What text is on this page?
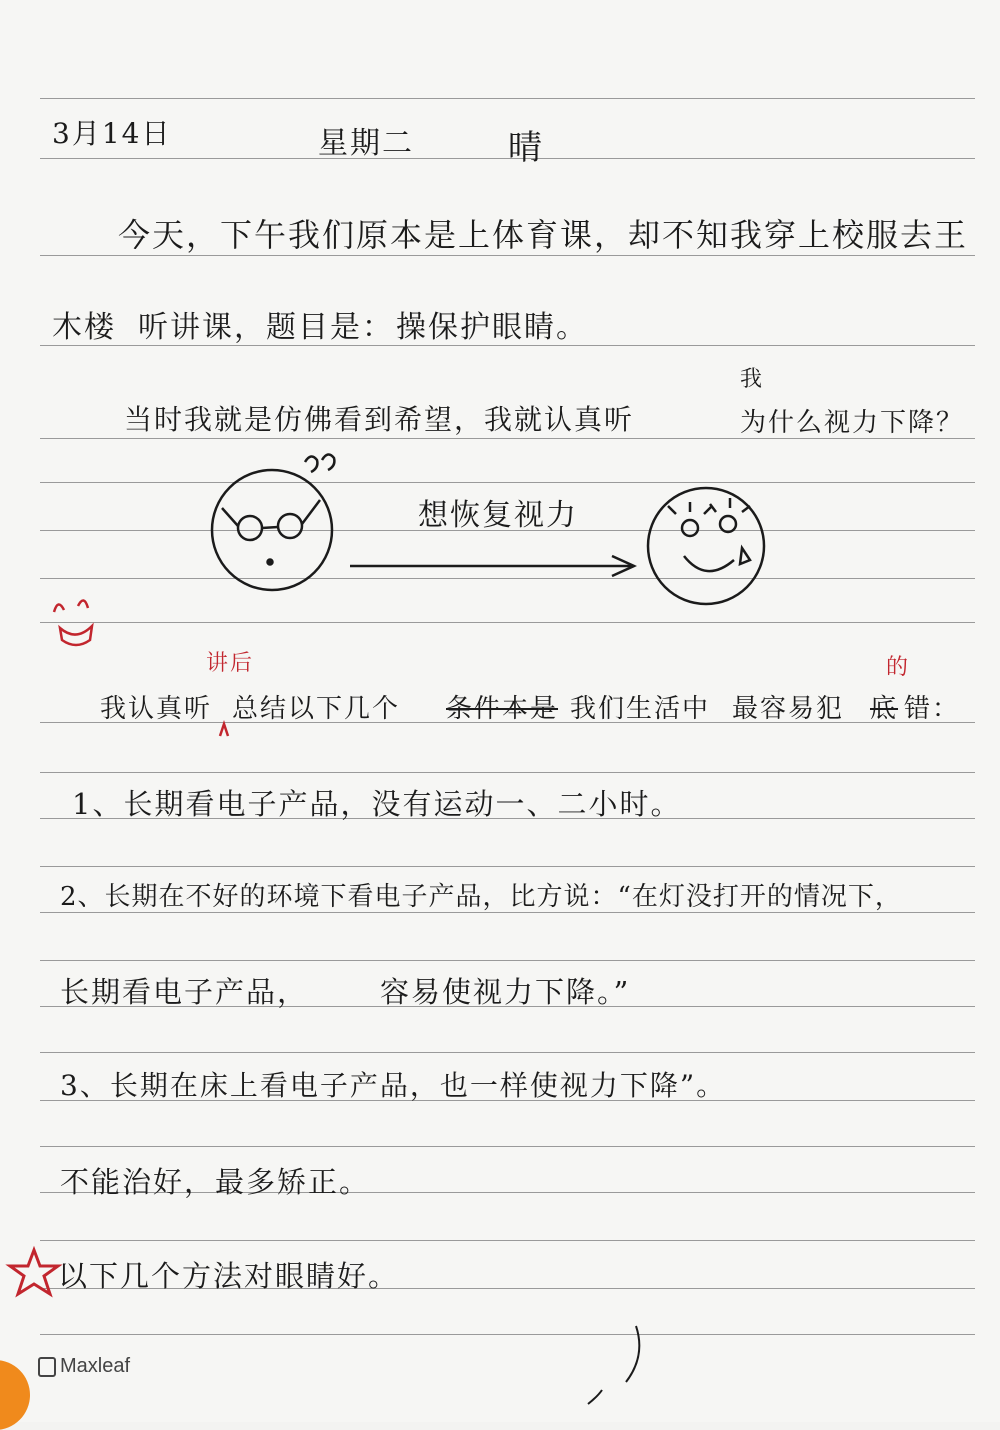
3月14日	星期二	晴
今天，下午我们原本是上体育课，却不知我穿上校服去王
木楼 听讲课，题目是： 操保护眼睛。
我
当时我就是仿佛看到希望，我就认真听	为什么视力下降？
想恢复视力
讲后	的
我认真听 总结以下几个 条件本是 我们生活中 最容易犯 底 错：
1、长期看电子产品，没有运动一、二小时。
2、长期在不好的环境下看电子产品，比方说：“在灯没打开的情况下，
长期看电子产品， 容易使视力下降。”
3、长期在床上看电子产品，也一样使视力下降”。
不能治好，最多矫正。
以下几个方法对眼睛好。
Maxleaf
